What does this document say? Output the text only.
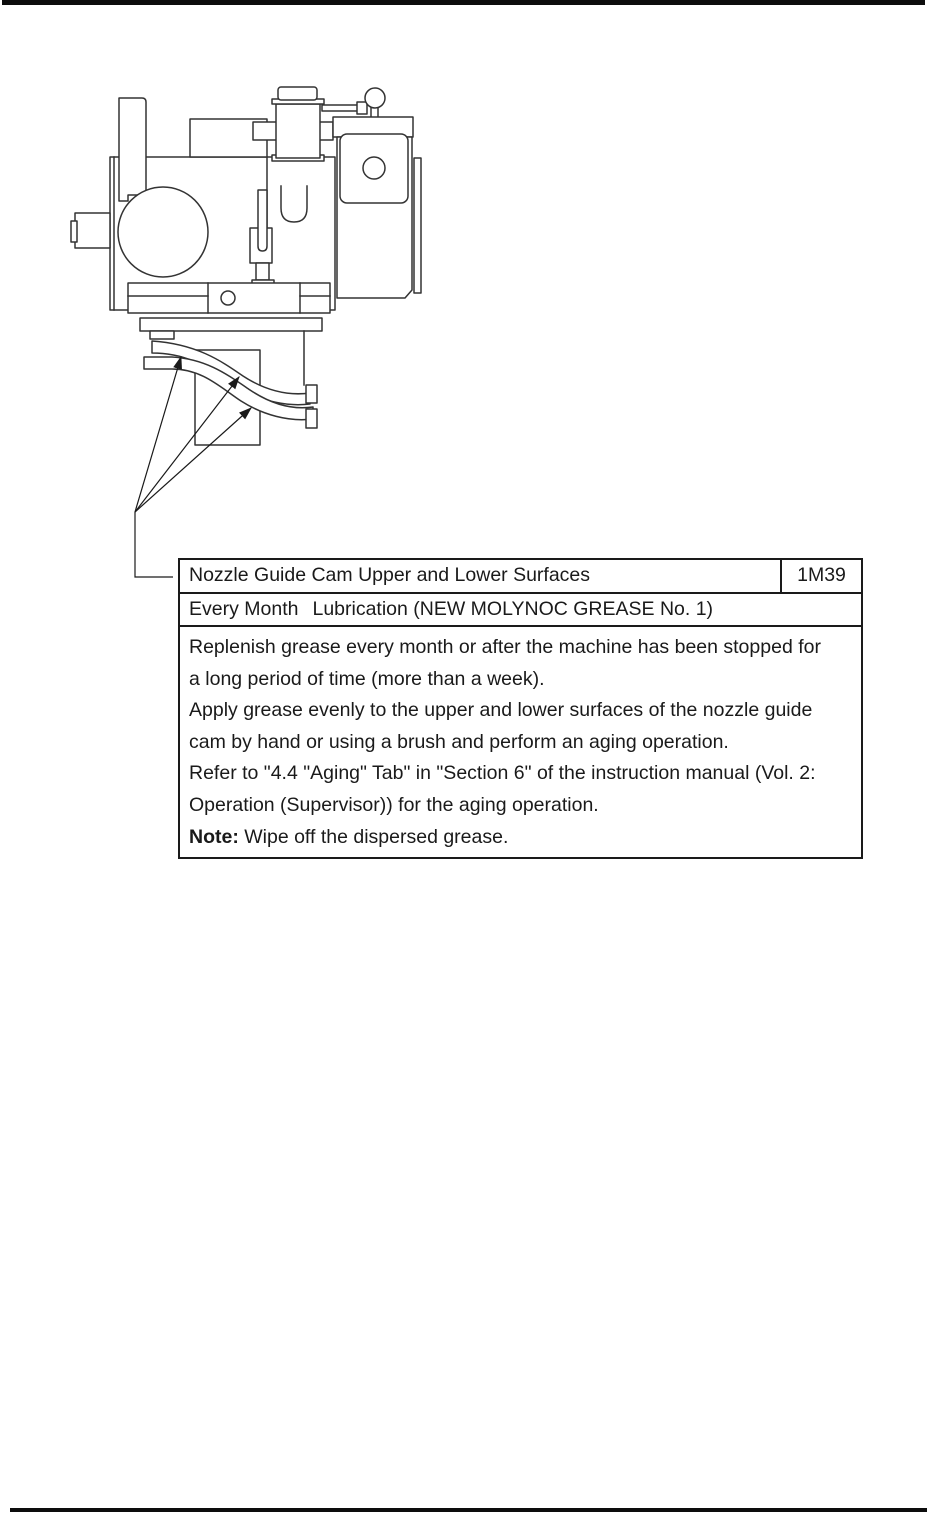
Nozzle Guide Cam Upper and Lower Surfaces	1M39
Every Month Lubrication (NEW MOLYNOC GREASE No. 1)
Replenish grease every month or after the machine has been stopped for
a long period of time (more than a week).
Apply grease evenly to the upper and lower surfaces of the nozzle guide
cam by hand or using a brush and perform an aging operation.
Refer to "4.4 "Aging" Tab" in "Section 6" of the instruction manual (Vol. 2:
Operation (Supervisor)) for the aging operation.
Note: Wipe off the dispersed grease.
